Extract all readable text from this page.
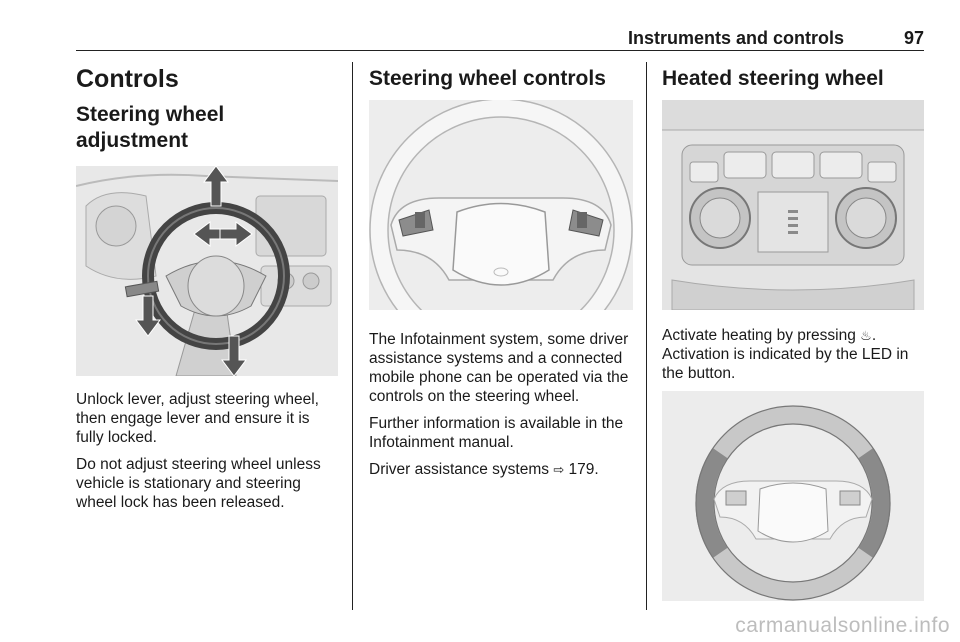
Instruments and controls	97
Controls
Steering wheel adjustment

Unlock lever, adjust steering wheel, then engage lever and ensure it is fully locked.

Do not adjust steering wheel unless vehicle is stationary and steering wheel lock has been released.

Steering wheel controls

The Infotainment system, some driver assistance systems and a connected mobile phone can be operated via the controls on the steering wheel.

Further information is available in the Infotainment manual.

Driver assistance systems ⇨ 179.

Heated steering wheel

Activate heating by pressing ♨.

Activation is indicated by the LED in the button.

carmanualsonline.info
